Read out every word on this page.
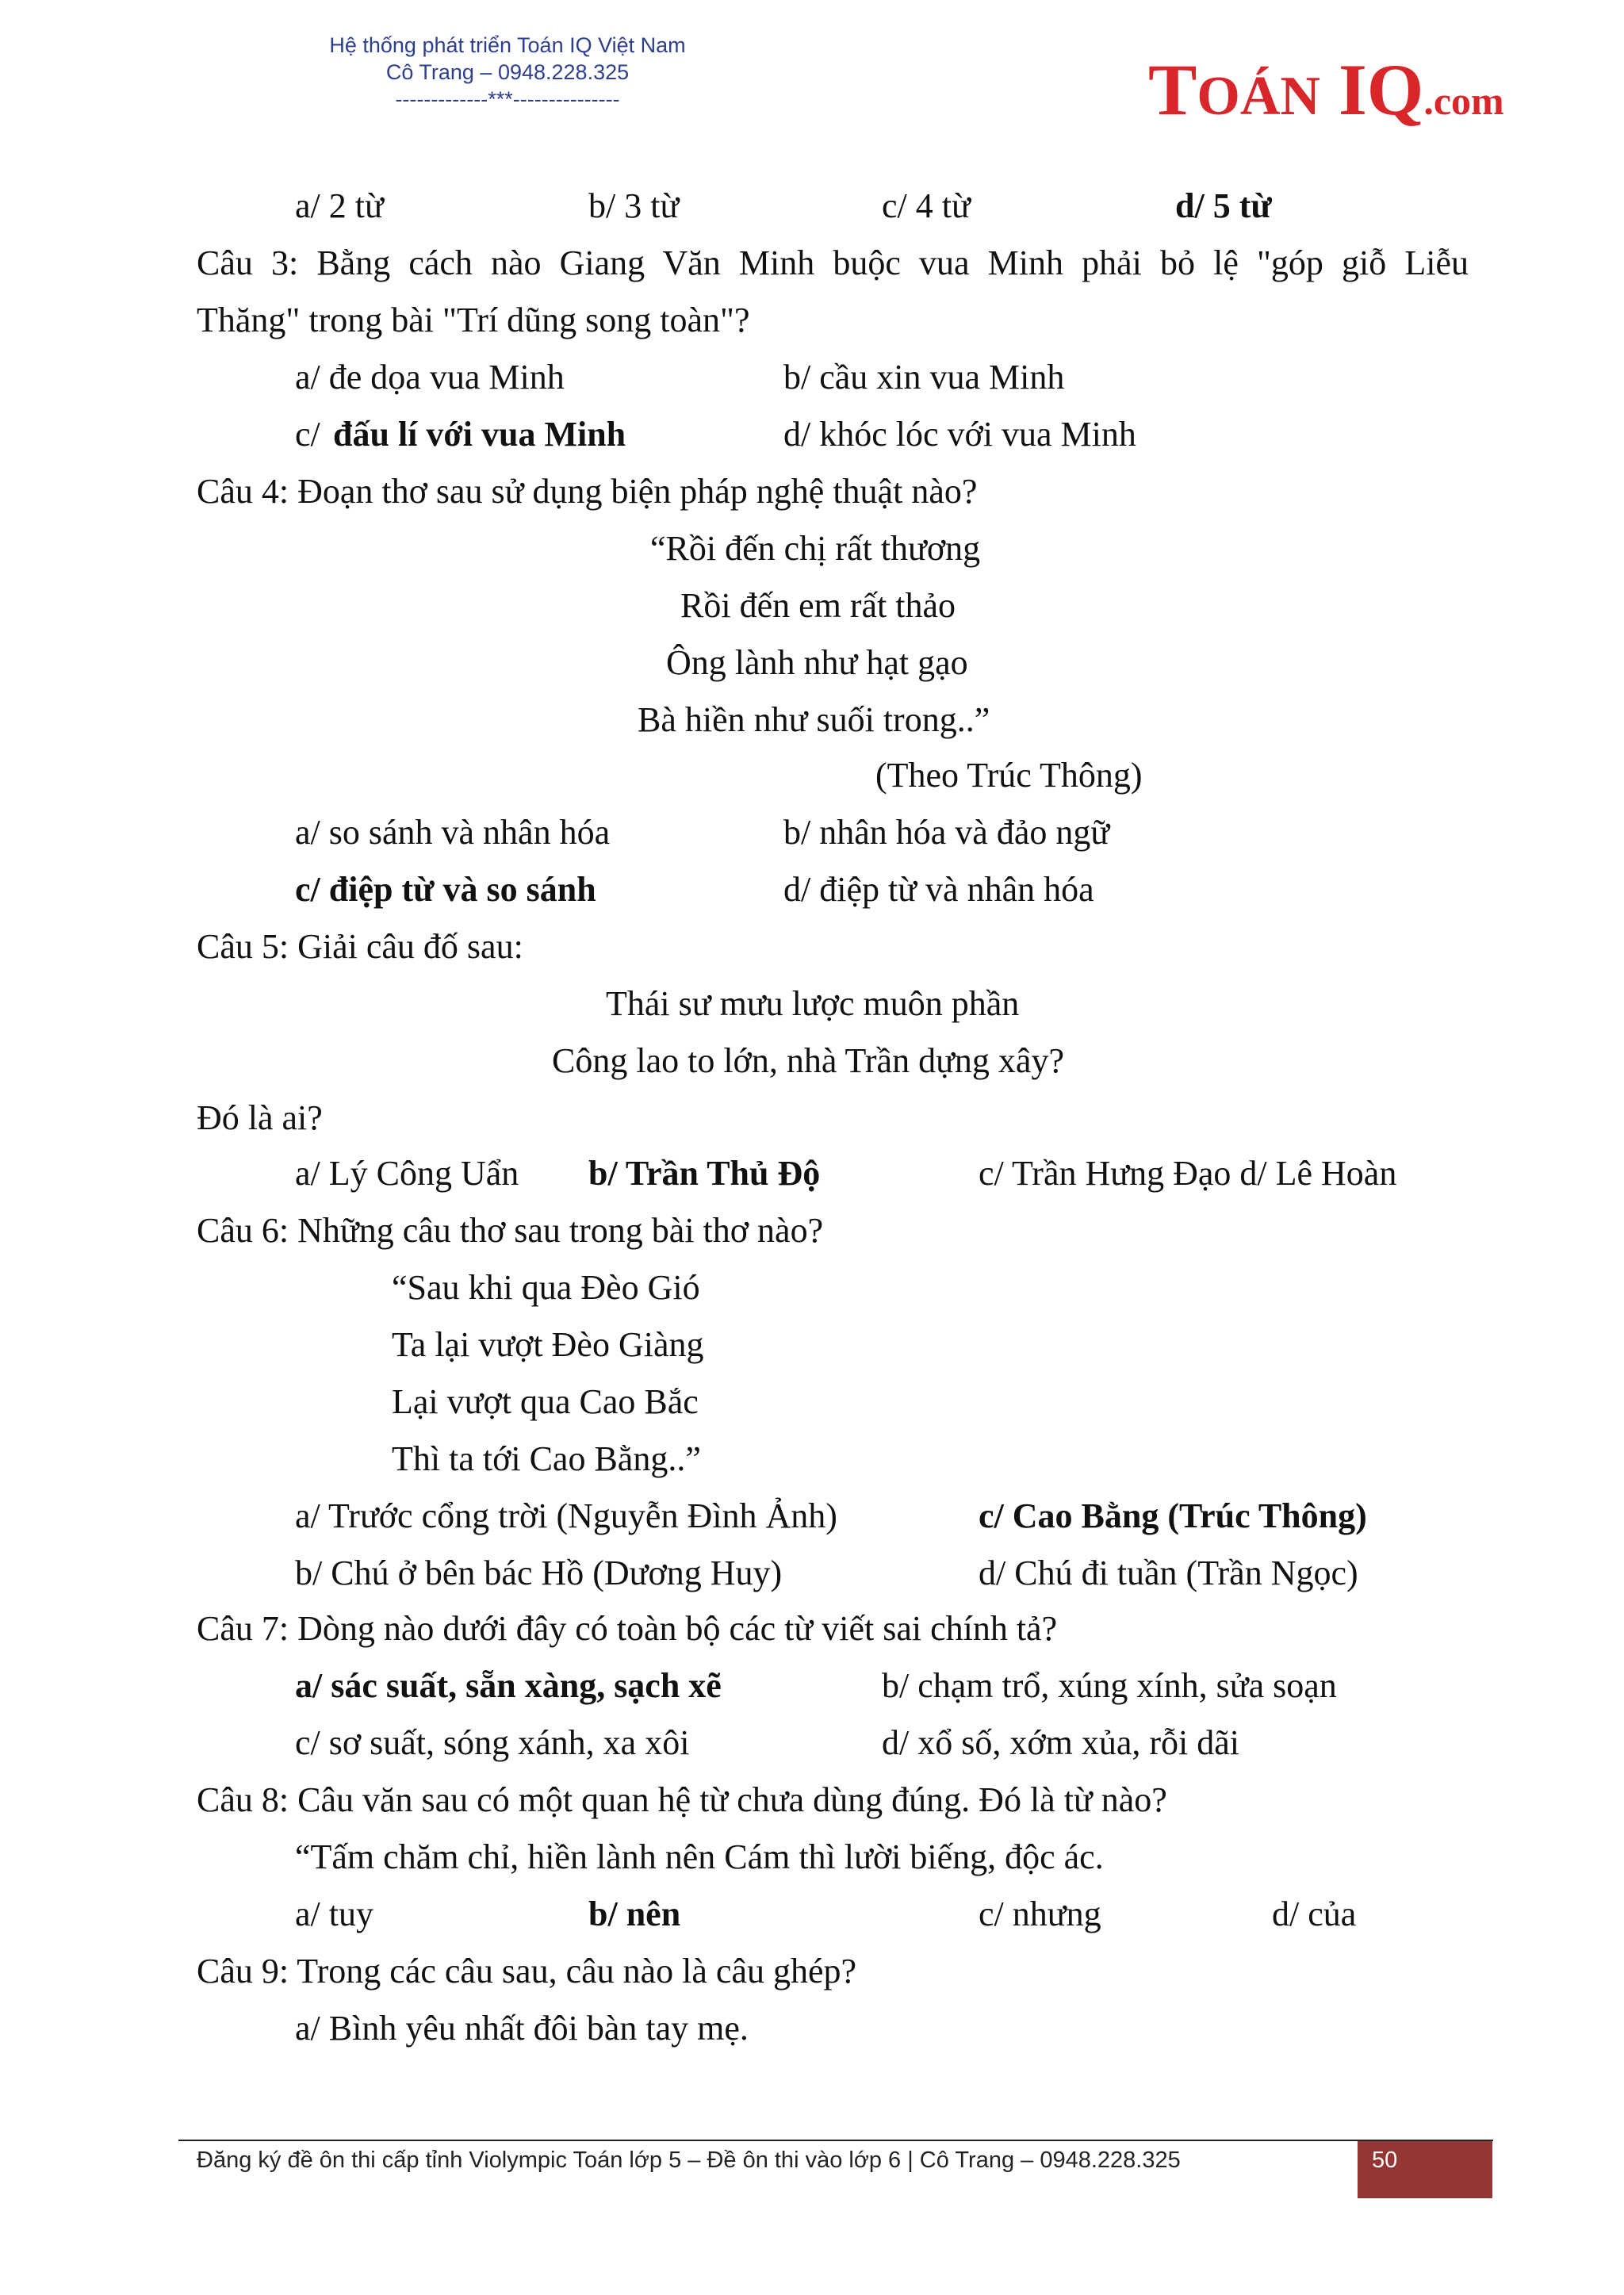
Hệ thống phát triển Toán IQ Việt Nam
Cô Trang – 0948.228.325
-------------***---------------	TOÁN IQ.com
a/ 2 từ	b/ 3 từ	c/ 4 từ	d/ 5 từ
Câu 3: Bằng cách nào Giang Văn Minh buộc vua Minh phải bỏ lệ "góp giỗ Liễu
Thăng" trong bài "Trí dũng song toàn"?
a/ đe dọa vua Minh	b/ cầu xin vua Minh
c/ đấu lí với vua Minh	d/ khóc lóc với vua Minh
Câu 4: Đoạn thơ sau sử dụng biện pháp nghệ thuật nào?
“Rồi đến chị rất thương
Rồi đến em rất thảo
Ông lành như hạt gạo
Bà hiền như suối trong..”
(Theo Trúc Thông)
a/ so sánh và nhân hóa	b/ nhân hóa và đảo ngữ
c/ điệp từ và so sánh	d/ điệp từ và nhân hóa
Câu 5: Giải câu đố sau:
Thái sư mưu lược muôn phần
Công lao to lớn, nhà Trần dựng xây?
Đó là ai?
a/ Lý Công Uẩn b/ Trần Thủ Độ	c/ Trần Hưng Đạo d/ Lê Hoàn
Câu 6: Những câu thơ sau trong bài thơ nào?
“Sau khi qua Đèo Gió
Ta lại vượt Đèo Giàng
Lại vượt qua Cao Bắc
Thì ta tới Cao Bằng..”
a/ Trước cổng trời (Nguyễn Đình Ảnh)	c/ Cao Bằng (Trúc Thông)
b/ Chú ở bên bác Hồ (Dương Huy)	d/ Chú đi tuần (Trần Ngọc)
Câu 7: Dòng nào dưới đây có toàn bộ các từ viết sai chính tả?
a/ sác suất, sẵn xàng, sạch xẽ	b/ chạm trổ, xúng xính, sửa soạn
c/ sơ suất, sóng xánh, xa xôi	d/ xổ số, xớm xủa, rỗi dãi
Câu 8: Câu văn sau có một quan hệ từ chưa dùng đúng. Đó là từ nào?
“Tấm chăm chỉ, hiền lành nên Cám thì lười biếng, độc ác.
a/ tuy	b/ nên	c/ nhưng	d/ của
Câu 9: Trong các câu sau, câu nào là câu ghép?
a/ Bình yêu nhất đôi bàn tay mẹ.
Đăng ký đề ôn thi cấp tỉnh Violympic Toán lớp 5 – Đề ôn thi vào lớp 6 | Cô Trang – 0948.228.325	50
